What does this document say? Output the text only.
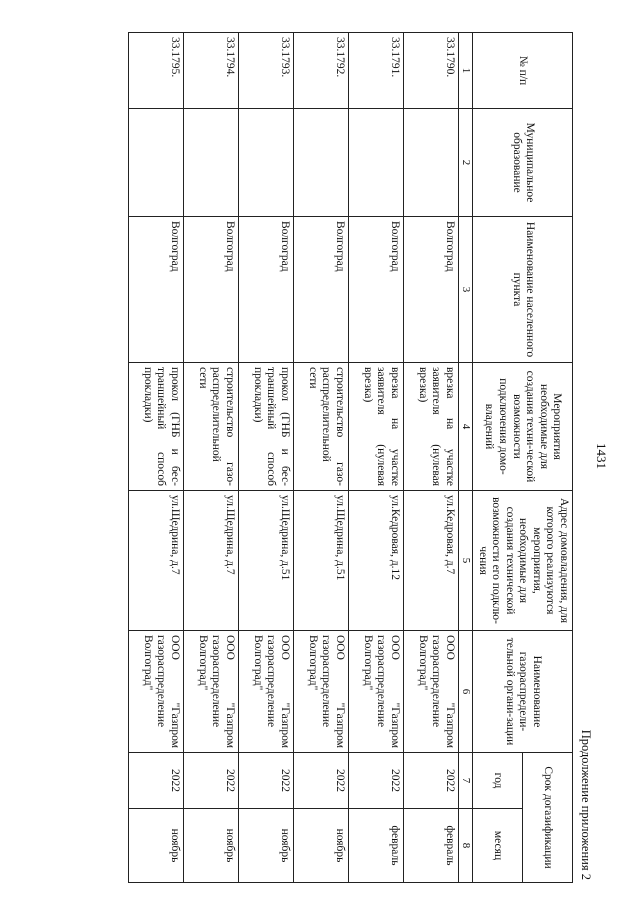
1431
Продолжение приложения 2
№ п/п	Муниципальное образование	Наименование населенного пункта	Мероприятия необходимые для создания техни-ческой возможности подключения домо-владений	Адрес домовладения, для которого реализуются мероприятия, необходимые для создания технической возможности его подклю-чения	Наименование газораспредели-тельной органи-зации	Срок догазификации	
						год	месяц
1	2	3	4	5	6	7	8
33.1790.		Волгоград	врезка на участке заявителя (нулевая врезка)	ул.Кедровая, д.7	ООО "Газпром газораспределение Волгоград"	2022	февраль
33.1791.		Волгоград	врезка на участке заявителя (нулевая врезка)	ул.Кедровая, д.12	ООО "Газпром газораспределение Волгоград"	2022	февраль
33.1792.		Волгоград	строительство газо-распределительной сети	ул.Щедрина, д.51	ООО "Газпром газораспределение Волгоград"	2022	ноябрь
33.1793.		Волгоград	прокол (ГНБ и бес-траншейный способ прокладки)	ул.Щедрина, д.51	ООО "Газпром газораспределение Волгоград"	2022	ноябрь
33.1794.		Волгоград	строительство газо-распределительной сети	ул.Щедрина, д.7	ООО "Газпром газораспределение Волгоград"	2022	ноябрь
33.1795.		Волгоград	прокол (ГНБ и бес-траншейный способ прокладки)	ул.Щедрина, д.7	ООО "Газпром газораспределение Волгоград"	2022	ноябрь
